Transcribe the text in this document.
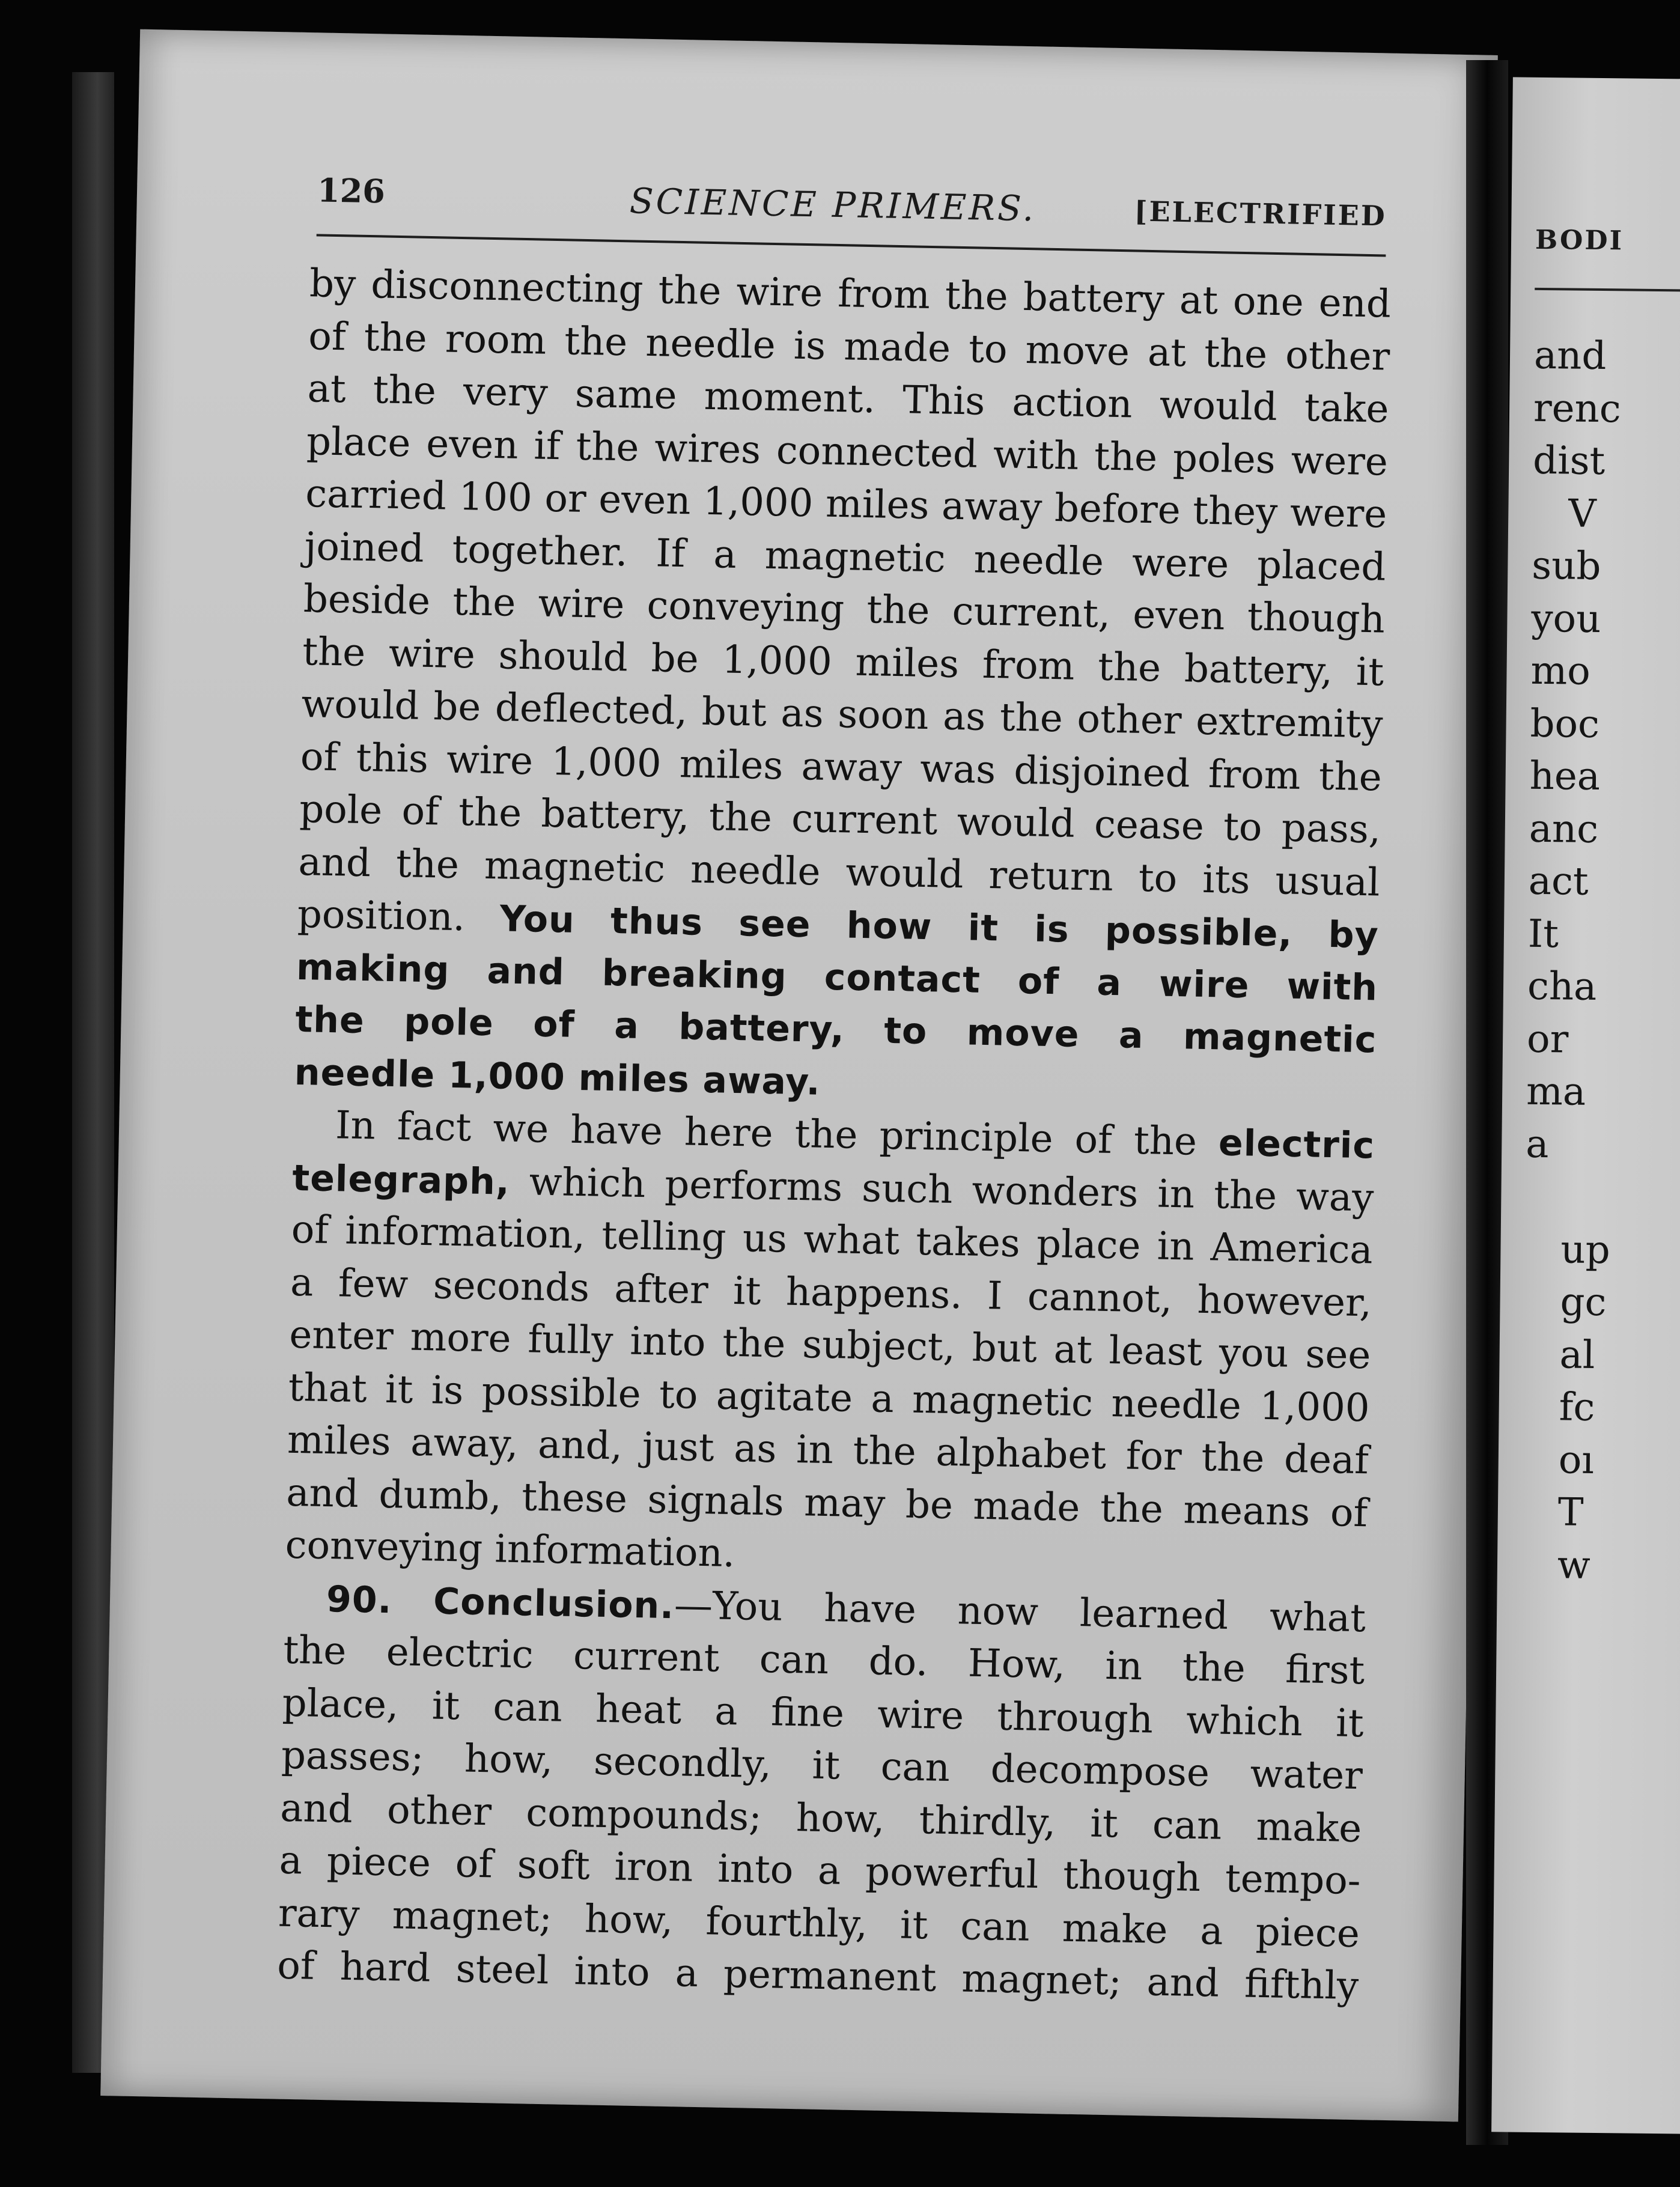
126	SCIENCE PRIMERS.	[ELECTRIFIED
by disconnecting the wire from the battery at one end
of the room the needle is made to move at the other
at the very same moment. This action would take
place even if the wires connected with the poles were
carried 100 or even 1,000 miles away before they were
joined together. If a magnetic needle were placed
beside the wire conveying the current, even though
the wire should be 1,000 miles from the battery, it
would be deflected, but as soon as the other extremity
of this wire 1,000 miles away was disjoined from the
pole of the battery, the current would cease to pass,
and the magnetic needle would return to its usual
position. You thus see how it is possible, by
making and breaking contact of a wire with
the pole of a battery, to move a magnetic
needle 1,000 miles away.
In fact we have here the principle of the electric
telegraph, which performs such wonders in the way
of information, telling us what takes place in America
a few seconds after it happens. I cannot, however,
enter more fully into the subject, but at least you see
that it is possible to agitate a magnetic needle 1,000
miles away, and, just as in the alphabet for the deaf
and dumb, these signals may be made the means of
conveying information.
90. Conclusion.—You have now learned what
the electric current can do. How, in the first
place, it can heat a fine wire through which it
passes; how, secondly, it can decompose water
and other compounds; how, thirdly, it can make
a piece of soft iron into a powerful though tempo-
rary magnet; how, fourthly, it can make a piece
of hard steel into a permanent magnet; and fifthly
BODI
and
renc
dist
V
sub
you
mo
boc
hea
anc
act
It
cha
or
ma
a
up
gc
al
fc
oı
T
w
